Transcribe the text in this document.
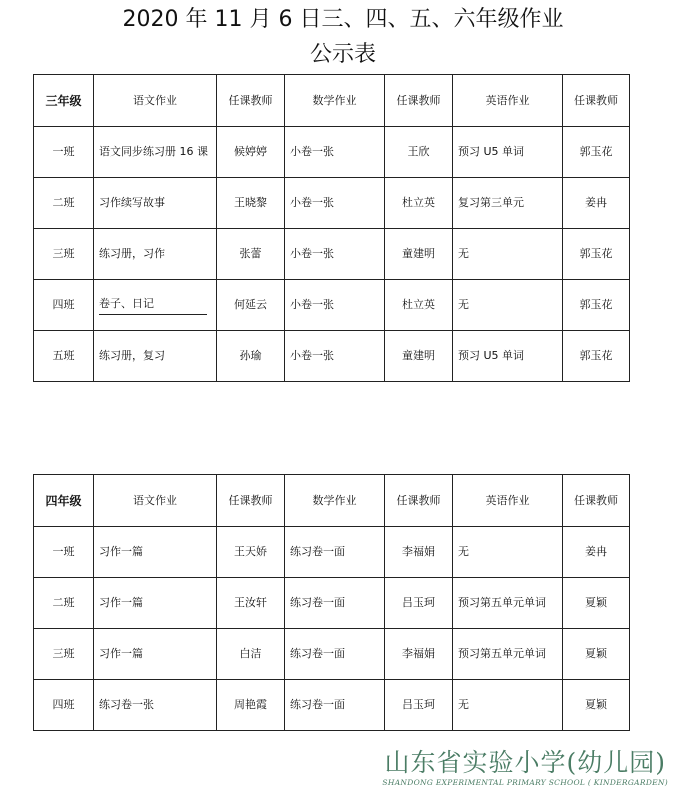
2020 年 11 月 6 日三、四、五、六年级作业
公示表
三年级	语文作业	任课教师	数学作业	任课教师	英语作业	任课教师
一班	语文同步练习册 16 课	候婷婷	小卷一张	王欣	预习 U5 单词	郭玉花
二班	习作续写故事	王晓黎	小卷一张	杜立英	复习第三单元	姜冉
三班	练习册，习作	张蕾	小卷一张	童建明	无	郭玉花
四班	卷子、日记	何延云	小卷一张	杜立英	无	郭玉花
五班	练习册，复习	孙瑜	小卷一张	童建明	预习 U5 单词	郭玉花
四年级	语文作业	任课教师	数学作业	任课教师	英语作业	任课教师
一班	习作一篇	王天娇	练习卷一面	李福娟	无	姜冉
二班	习作一篇	王汝轩	练习卷一面	吕玉珂	预习第五单元单词	夏颖
三班	习作一篇	白洁	练习卷一面	李福娟	预习第五单元单词	夏颖
四班	练习卷一张	周艳霞	练习卷一面	吕玉珂	无	夏颖
山东省实验小学(幼儿园)
SHANDONG EXPERIMENTAL PRIMARY SCHOOL ( KINDERGARDEN)
